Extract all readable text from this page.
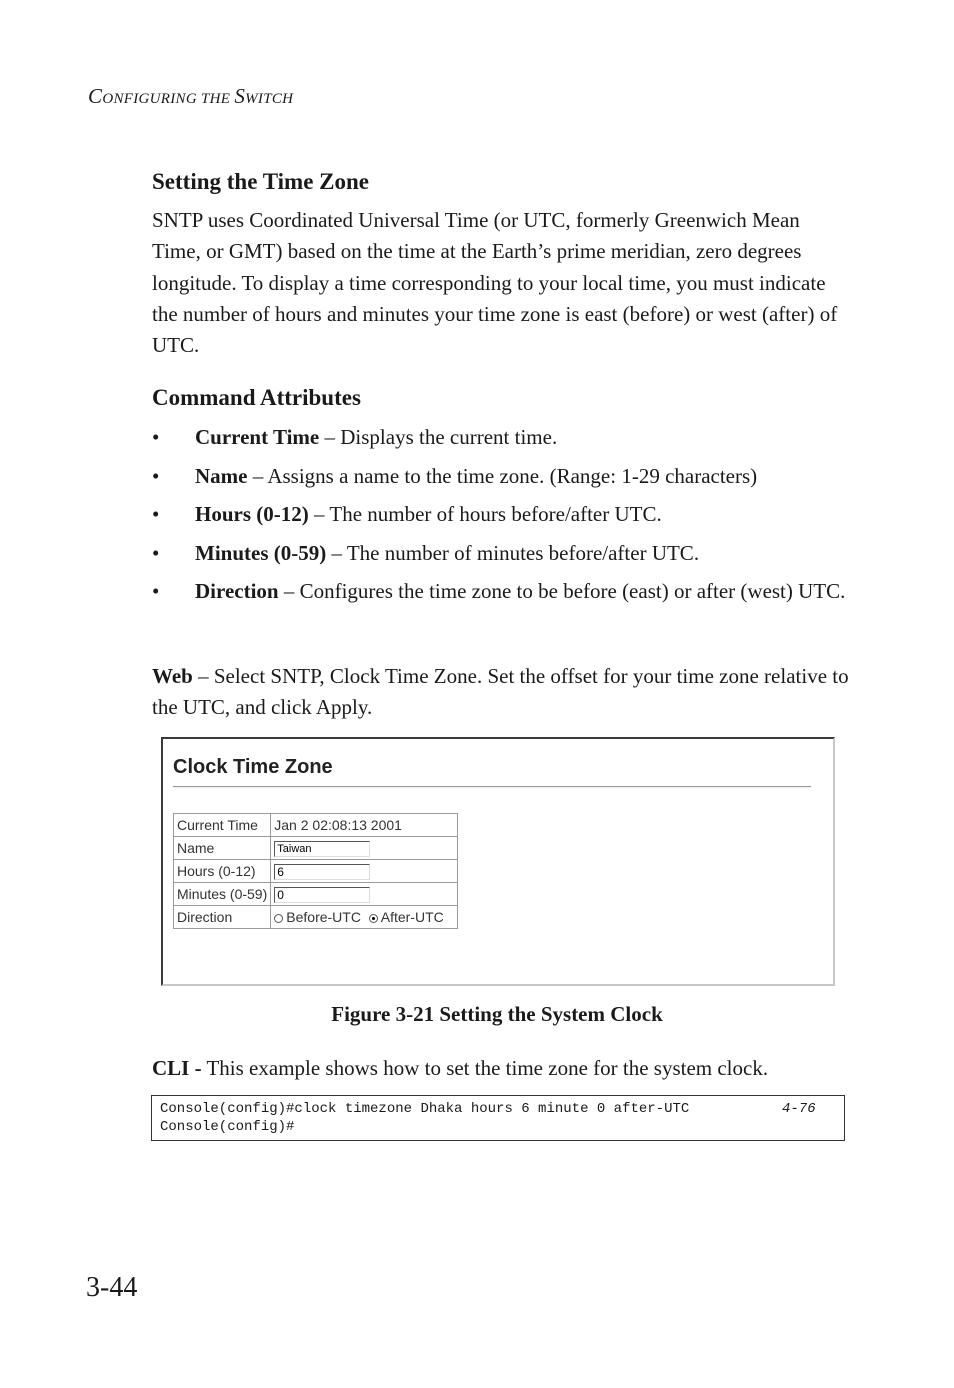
CONFIGURING THE SWITCH
Setting the Time Zone
SNTP uses Coordinated Universal Time (or UTC, formerly Greenwich Mean Time, or GMT) based on the time at the Earth’s prime meridian, zero degrees longitude. To display a time corresponding to your local time, you must indicate the number of hours and minutes your time zone is east (before) or west (after) of UTC.
Command Attributes
• Current Time – Displays the current time.
• Name – Assigns a name to the time zone. (Range: 1-29 characters)
• Hours (0-12) – The number of hours before/after UTC.
• Minutes (0-59) – The number of minutes before/after UTC.
• Direction – Configures the time zone to be before (east) or after (west) UTC.
Web – Select SNTP, Clock Time Zone. Set the offset for your time zone relative to the UTC, and click Apply.
Clock Time Zone
Current Time	Jan 2 02:08:13 2001
Name	Taiwan
Hours (0-12)	6
Minutes (0-59)	0
Direction	Before-UTC After-UTC
Figure 3-21 Setting the System Clock
CLI - This example shows how to set the time zone for the system clock.
Console(config)#clock timezone Dhaka hours 6 minute 0 after-UTC	4-76

Console(config)#
3-44
